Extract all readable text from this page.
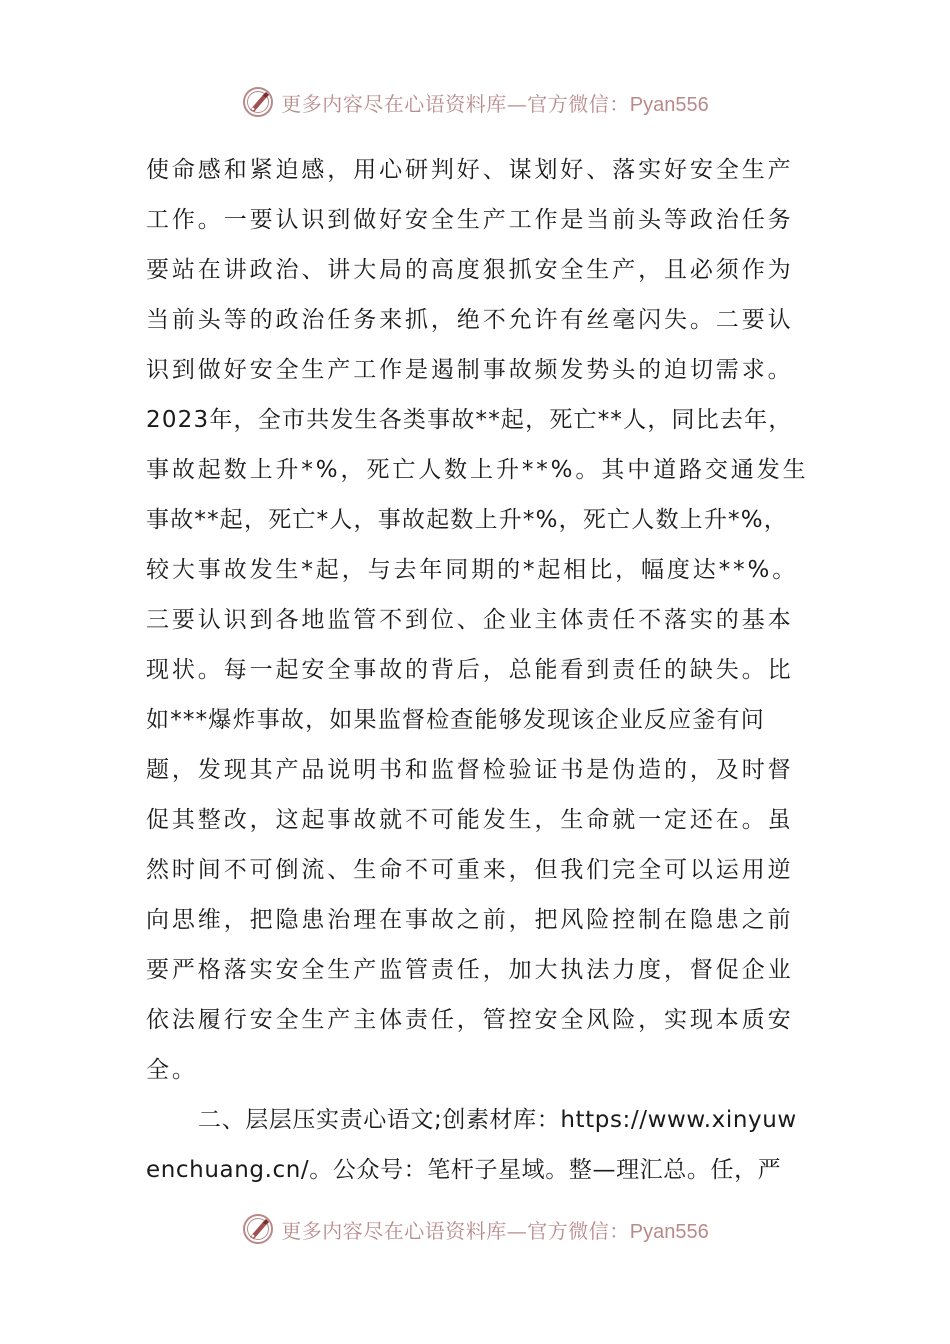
更多内容尽在心语资料库—官方微信：Pyan556
使命感和紧迫感，用心研判好、谋划好、落实好安全生产
工作。一要认识到做好安全生产工作是当前头等政治任务
要站在讲政治、讲大局的高度狠抓安全生产，且必须作为
当前头等的政治任务来抓，绝不允许有丝毫闪失。二要认
识到做好安全生产工作是遏制事故频发势头的迫切需求。
2023年，全市共发生各类事故**起，死亡**人，同比去年，
事故起数上升*%，死亡人数上升**%。其中道路交通发生
事故**起，死亡*人，事故起数上升*%，死亡人数上升*%，
较大事故发生*起，与去年同期的*起相比，幅度达**%。
三要认识到各地监管不到位、企业主体责任不落实的基本
现状。每一起安全事故的背后，总能看到责任的缺失。比
如***爆炸事故，如果监督检查能够发现该企业反应釜有问
题，发现其产品说明书和监督检验证书是伪造的，及时督
促其整改，这起事故就不可能发生，生命就一定还在。虽
然时间不可倒流、生命不可重来，但我们完全可以运用逆
向思维，把隐患治理在事故之前，把风险控制在隐患之前
要严格落实安全生产监管责任，加大执法力度，督促企业
依法履行安全生产主体责任，管控安全风险，实现本质安
全。
二、层层压实责心语文;创素材库：https://www.xinyuw
enchuang.cn/。公众号：笔杆子星域。整—理汇总。任，严
更多内容尽在心语资料库—官方微信：Pyan556
